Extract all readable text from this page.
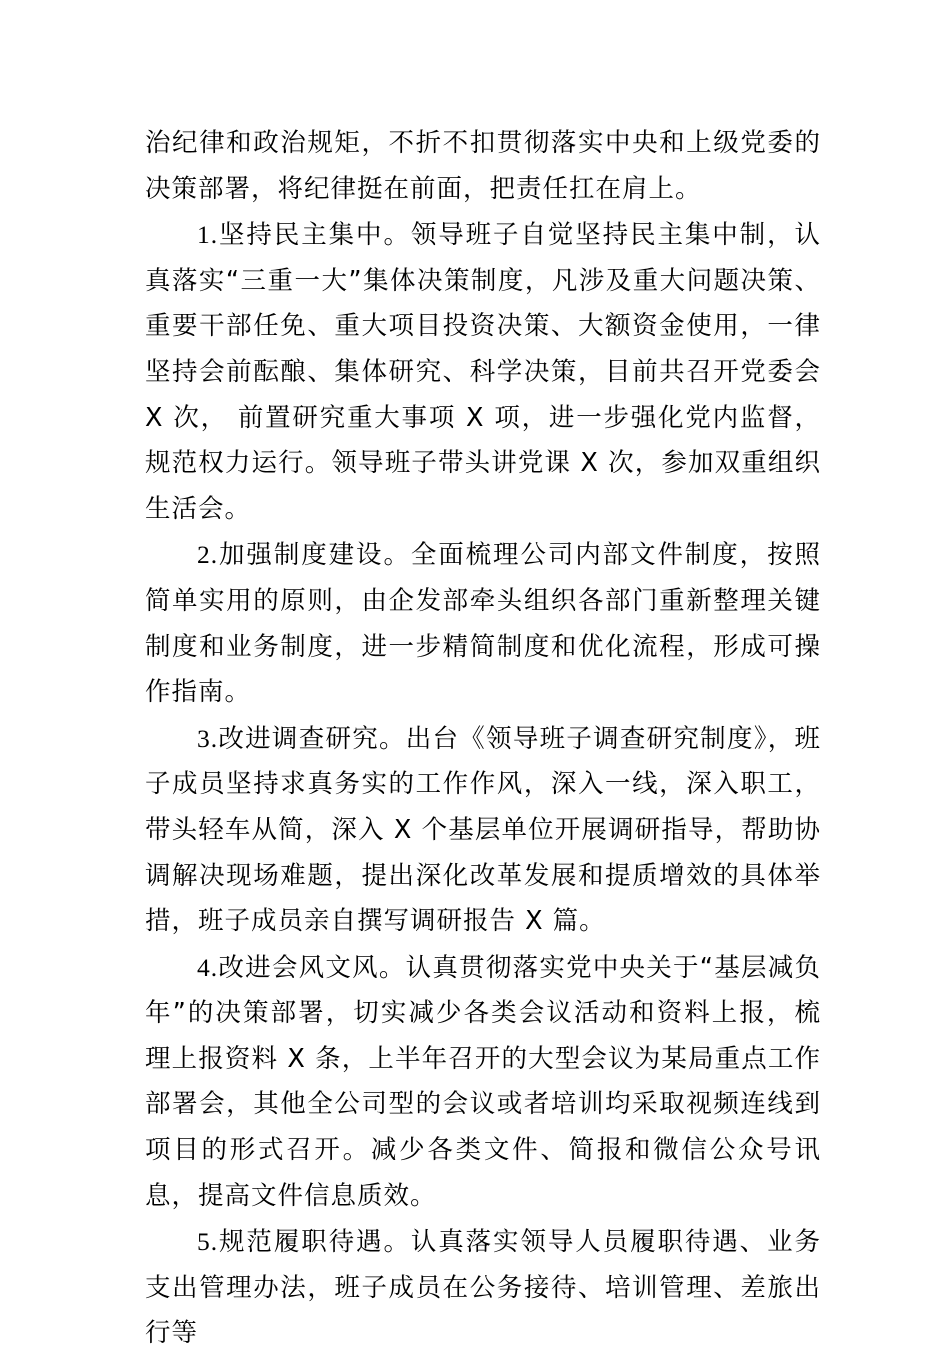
治纪律和政治规矩，不折不扣贯彻落实中央和上级党委的决策部署，将纪律挺在前面，把责任扛在肩上。

1.坚持民主集中。领导班子自觉坚持民主集中制，认真落实“三重一大”集体决策制度，凡涉及重大问题决策、重要干部任免、重大项目投资决策、大额资金使用，一律坚持会前酝酿、集体研究、科学决策，目前共召开党委会 X 次， 前置研究重大事项 X 项，进一步强化党内监督，规范权力运行。领导班子带头讲党课 X 次，参加双重组织生活会。

2.加强制度建设。全面梳理公司内部文件制度，按照简单实用的原则，由企发部牵头组织各部门重新整理关键制度和业务制度，进一步精简制度和优化流程，形成可操作指南。

3.改进调查研究。出台《领导班子调查研究制度》，班子成员坚持求真务实的工作作风，深入一线，深入职工，带头轻车从简，深入 X 个基层单位开展调研指导，帮助协调解决现场难题，提出深化改革发展和提质增效的具体举措，班子成员亲自撰写调研报告 X 篇。

4.改进会风文风。认真贯彻落实党中央关于“基层减负年”的决策部署，切实减少各类会议活动和资料上报，梳理上报资料 X 条，上半年召开的大型会议为某局重点工作部署会，其他全公司型的会议或者培训均采取视频连线到项目的形式召开。减少各类文件、简报和微信公众号讯息，提高文件信息质效。

5.规范履职待遇。认真落实领导人员履职待遇、业务支出管理办法，班子成员在公务接待、培训管理、差旅出行等
